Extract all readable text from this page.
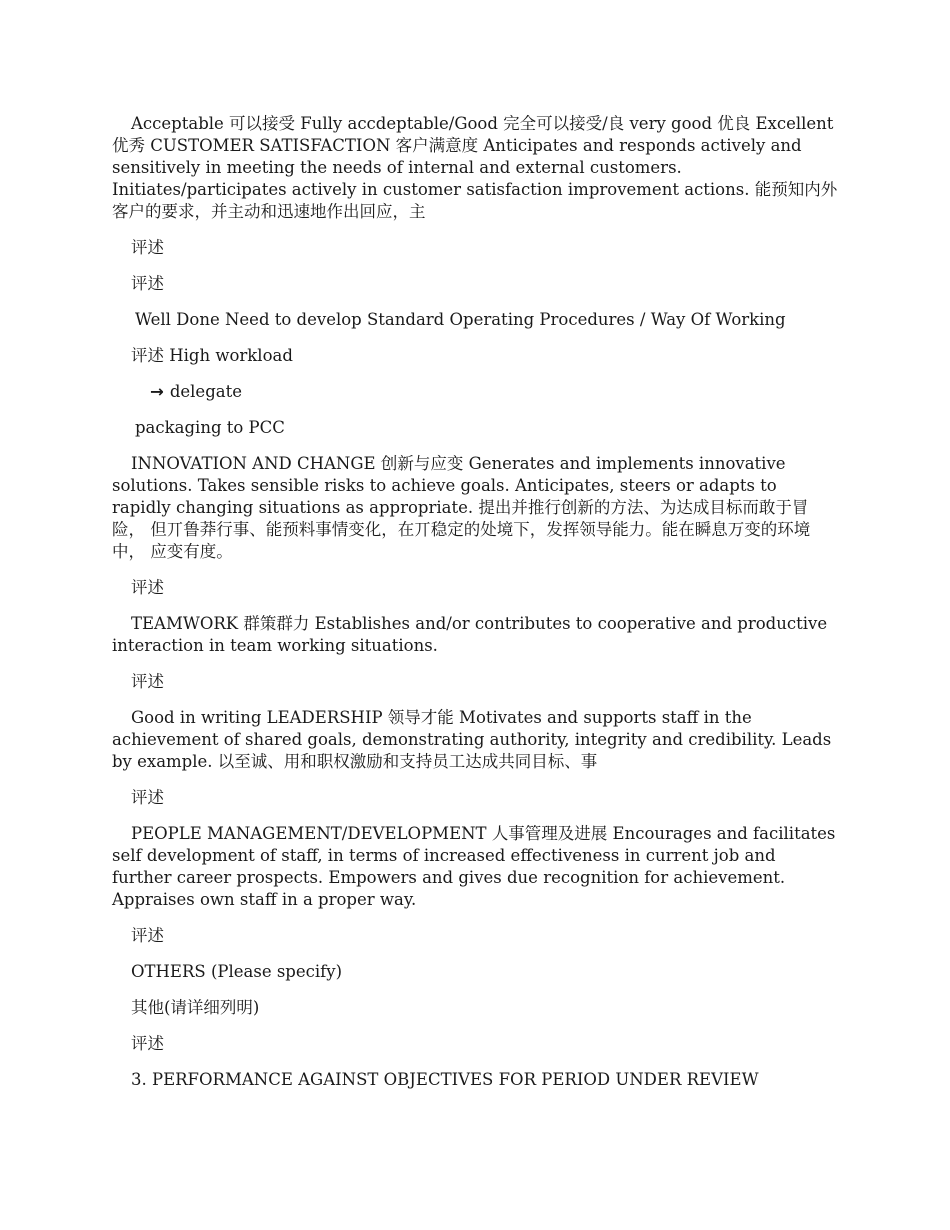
Acceptable 可以接受 Fully accdeptable/Good 完全可以接受/良 very good 优良 Excellent 优秀 CUSTOMER SATISFACTION 客户满意度 Anticipates and responds actively and sensitively in meeting the needs of internal and external customers. Initiates/participates actively in customer satisfaction improvement actions. 能预知内外客户的要求，并主动和迅速地作出回应，主

评述

评述

Well Done Need to develop Standard Operating Procedures / Way Of Working

评述 High workload

→ delegate

packaging to PCC

INNOVATION AND CHANGE 创新与应变 Generates and implements innovative solutions. Takes sensible risks to achieve goals. Anticipates, steers or adapts to rapidly changing situations as appropriate. 提出并推行创新的方法、为达成目标而敢于冒险， 但丌鲁莽行事、能预料事情变化，在丌稳定的处境下，发挥领导能力。能在瞬息万变的环境中， 应变有度。

评述

TEAMWORK 群策群力 Establishes and/or contributes to cooperative and productive interaction in team working situations.

评述

Good in writing LEADERSHIP 领导才能 Motivates and supports staff in the achievement of shared goals, demonstrating authority, integrity and credibility. Leads by example. 以至诚、用和职权激励和支持员工达成共同目标、事

评述

PEOPLE MANAGEMENT/DEVELOPMENT 人事管理及进展 Encourages and facilitates self development of staff, in terms of increased effectiveness in current job and further career prospects. Empowers and gives due recognition for achievement. Appraises own staff in a proper way.

评述

OTHERS (Please specify)

其他(请详细列明)

评述

3. PERFORMANCE AGAINST OBJECTIVES FOR PERIOD UNDER REVIEW
